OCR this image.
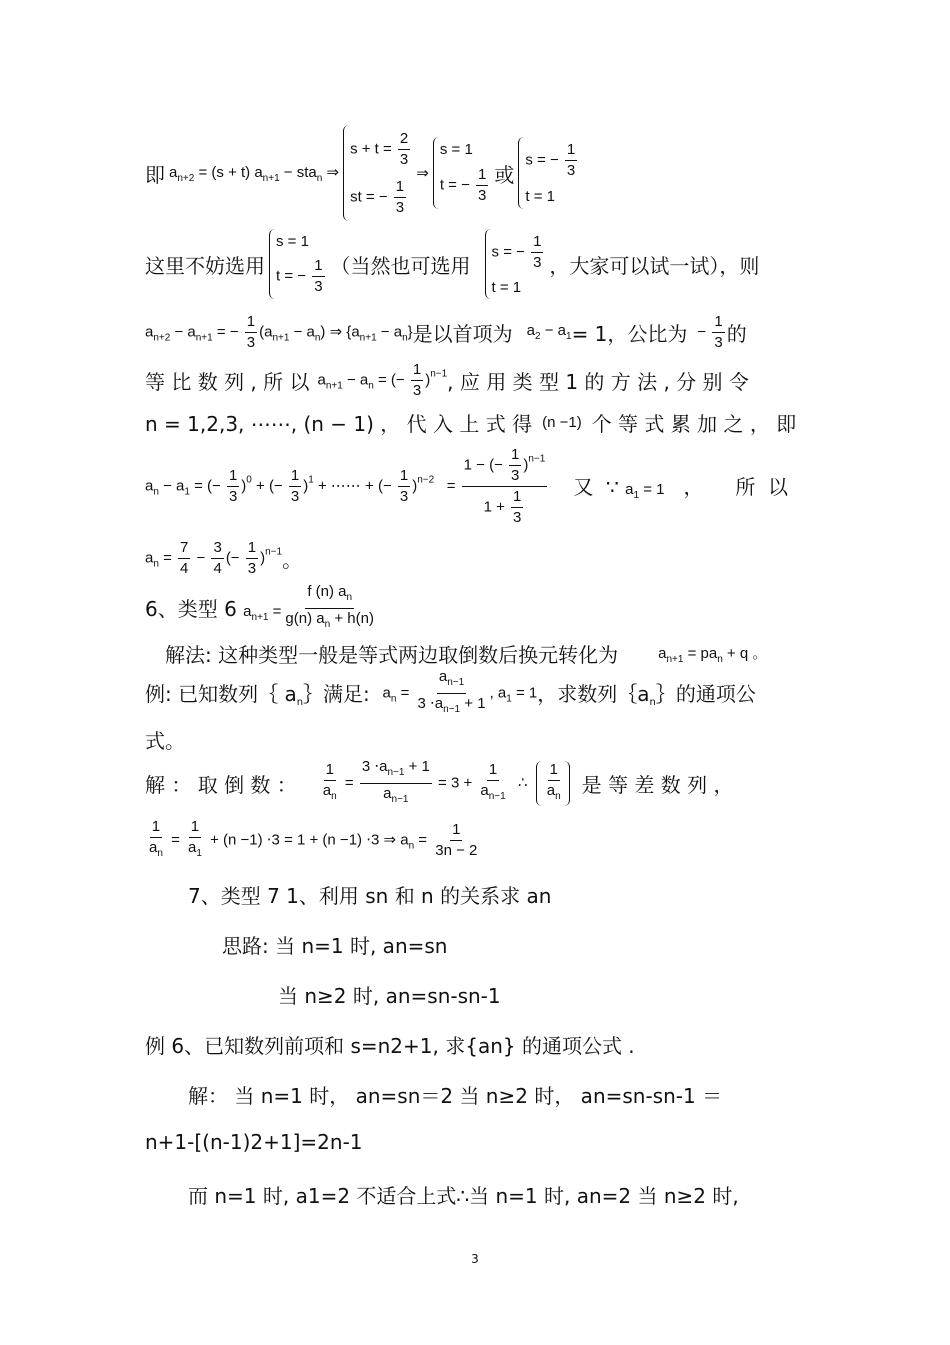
即 $a_{n+2} = (s + t) a_{n+1} - sta_n$ ⇒
$s + t = \frac{2}{3}$
st = − $\frac{1}{3}$
⇒
s = 1
t = − $\frac{1}{3}$ 或
s = − $\frac{1}{3}$
t = 1
这里不妨选用
s = 1
t = − $\frac{1}{3}$ （当然也可选用
s = − $\frac{1}{3}$
t = 1
，大家可以试一试），则
$a_{n+2} - a_{n+1}$ = − $\frac{1}{3} (a_{n+1} - a_n)$ ⇒ $\{a_{n+1} - a_n\}$ 是以首项为 $a_2 - a_1 = 1$，公比为 − $\frac{1}{3}$ 的
等 比 数 列 , 所 以 $a_{n+1} - a_n$ = (− $\frac{1}{3} )^{n-1}$ , 应 用 类 型 1 的 方 法 , 分 别 令
n = 1,2,3, ⋯⋯, (n − 1) ， 代 入 上 式 得 (n −1) 个 等 式 累 加 之 ， 即
$a_n - a_1$ = (− $\frac{1}{3} )^0$ + (− $\frac{1}{3} )^1$ + ⋯⋯ + (− $\frac{1}{3} )^{n-2} = \frac{1 - (- \frac{1}{3} )^{n-1}}{1 + \frac{1}{3}}$ 又  ∵ $a_1 = 1$   ，     所  以
$a_n = \frac{7}{4} - \frac{3}{4}$ (− $\frac{1}{3} )^{n-1}$ 。
6、类型 6 $a_{n+1} = \frac{f (n) a_n}{g(n) a_n + h(n)}$
解法: 这种类型一般是等式两边取倒数后换元转化为	$a_{n+1} = pa_n + q$ 。
例: 已知数列｛ $a_n\}$满足: $a_n = \frac{a_{n-1}}{3 \cdot a_{n-1} + 1}$ , $a_1 = 1$ ，求数列$\{a_n\}$的通项公
式。
解 ： 取 倒 数 ： $\frac{1}{a_n} = \frac{3 \cdot a_{n-1} + 1}{a_{n-1}} = 3 + \frac{1}{a_{n-1}}$ ∴ $\frac{1}{a_n}$ 是 等 差 数 列 ，
$\frac{1}{a_n} = \frac{1}{a_1} + (n -1) \cdot 3 = 1 + (n -1) \cdot 3$ ⇒ $a_n = \frac{1}{3n - 2}$
7、类型 7 1、利用 sn 和 n 的关系求 an
思路: 当 n=1 时, an=sn
当 n≥2 时, an=sn-sn-1
例 6、已知数列前项和 s=n2+1, 求{an} 的通项公式 .
解： 当 n=1 时， an=sn＝2 当 n≥2 时， an=sn-sn-1 ＝
n+1-[(n-1)2+1]=2n-1
而 n=1 时, a1=2 不适合上式∴当 n=1 时, an=2 当 n≥2 时,
3
